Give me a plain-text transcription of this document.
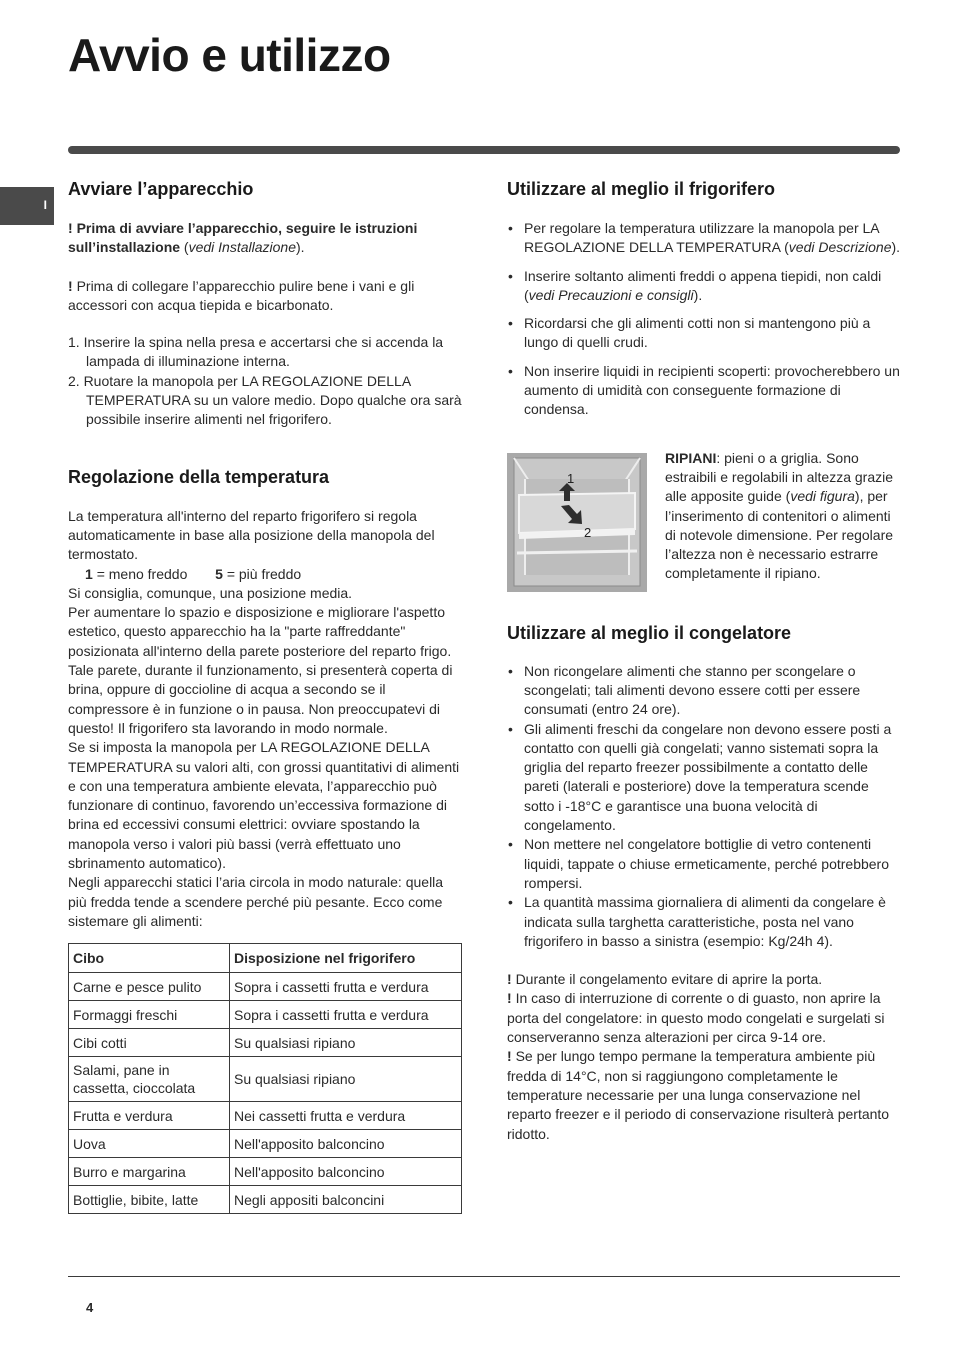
Avvio e utilizzo
I
Avviare l’apparecchio

! Prima di avviare l’apparecchio, seguire le istruzioni sull’installazione (vedi Installazione).

! Prima di collegare l’apparecchio pulire bene i vani e gli accessori con acqua tiepida e bicarbonato.

1. Inserire la spina nella presa e accertarsi che si accenda la lampada di illuminazione interna.
2. Ruotare la manopola per LA REGOLAZIONE DELLA TEMPERATURA su un valore medio. Dopo qualche ora sarà possibile inserire alimenti nel frigorifero.
Regolazione della temperatura

La temperatura all'interno del reparto frigorifero si regola automaticamente in base alla posizione della manopola del termostato.

1 = meno freddo 5 = più freddo

Si consiglia, comunque, una posizione media.
Per aumentare lo spazio e disposizione e migliorare l'aspetto estetico, questo apparecchio ha la "parte raffreddante" posizionata all'interno della parete posteriore del reparto frigo. Tale parete, durante il funzionamento, si presenterà coperta di brina, oppure di goccioline di acqua a secondo se il compressore è in funzione o in pausa. Non preoccupatevi di questo! Il frigorifero sta lavorando in modo normale.
Se si imposta la manopola per LA REGOLAZIONE DELLA TEMPERATURA su valori alti, con grossi quantitativi di alimenti e con una temperatura ambiente elevata, l’apparecchio può funzionare di continuo, favorendo un’eccessiva formazione di brina ed eccessivi consumi elettrici: ovviare spostando la manopola verso i valori più bassi (verrà effettuato uno sbrinamento automatico).
Negli apparecchi statici l’aria circola in modo naturale: quella più fredda tende a scendere perché più pesante. Ecco come sistemare gli alimenti:

Cibo	Disposizione nel frigorifero
Carne e pesce pulito	Sopra i cassetti frutta e verdura
Formaggi freschi	Sopra i cassetti frutta e verdura
Cibi cotti	Su qualsiasi ripiano
Salami, pane in cassetta, cioccolata	Su qualsiasi ripiano
Frutta e verdura	Nei cassetti frutta e verdura
Uova	Nell'apposito balconcino
Burro e margarina	Nell'apposito balconcino
Bottiglie, bibite, latte	Negli appositi balconcini
Utilizzare al meglio il frigorifero
• Per regolare la temperatura utilizzare la manopola per LA REGOLAZIONE DELLA TEMPERATURA (vedi Descrizione).
• Inserire soltanto alimenti freddi o appena tiepidi, non caldi (vedi Precauzioni e consigli).
• Ricordarsi che gli alimenti cotti non si mantengono più a lungo di quelli crudi.
• Non inserire liquidi in recipienti scoperti: provocherebbero un aumento di umidità con conseguente formazione di condensa.
1
2

RIPIANI: pieni o a griglia. Sono estraibili e regolabili in altezza grazie alle apposite guide (vedi figura), per l’inserimento di contenitori o alimenti di notevole dimensione. Per regolare l’altezza non è necessario estrarre completamente il ripiano.

Utilizzare al meglio il congelatore
• Non ricongelare alimenti che stanno per scongelare o scongelati; tali alimenti devono essere cotti per essere consumati (entro 24 ore).
• Gli alimenti freschi da congelare non devono essere posti a contatto con quelli già congelati; vanno sistemati sopra la griglia del reparto freezer possibilmente a contatto delle pareti (laterali e posteriore) dove la temperatura scende sotto i -18°C e garantisce una buona velocità di congelamento.
• Non mettere nel congelatore bottiglie di vetro contenenti liquidi, tappate o chiuse ermeticamente, perché potrebbero rompersi.
• La quantità massima giornaliera di alimenti da congelare è indicata sulla targhetta caratteristiche, posta nel vano frigorifero in basso a sinistra (esempio: Kg/24h 4).

! Durante il congelamento evitare di aprire la porta.

! In caso di interruzione di corrente o di guasto, non aprire la porta del congelatore: in questo modo congelati e surgelati si conserveranno senza alterazioni per circa 9-14 ore.

! Se per lungo tempo permane la temperatura ambiente più fredda di 14°C, non si raggiungono completamente le temperature necessarie per una lunga conservazione nel reparto freezer e il periodo di conservazione risulterà pertanto ridotto.

4
